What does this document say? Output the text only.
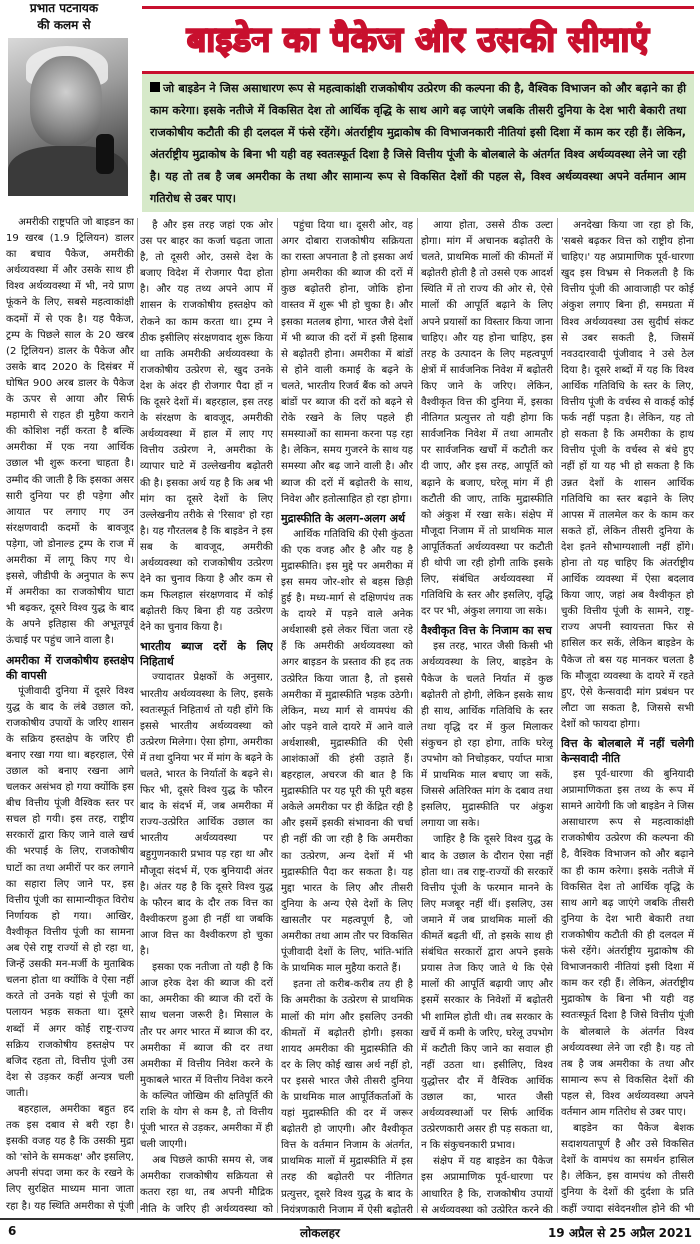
प्रभात पटनायक
की कलम से	बाइडेन का पैकेज और उसकी सीमाएं
जो बाइडेन ने जिस असाधारण रूप से महत्वाकांक्षी राजकोषीय उत्प्रेरण की कल्पना की है, वैश्विक विभाजन को और बढ़ाने का ही काम करेगा। इसके नतीजे में विकसित देश तो आर्थिक वृद्धि के साथ आगे बढ़ जाएंगे जबकि तीसरी दुनिया के देश भारी बेकारी तथा राजकोषीय कटौती की ही दलदल में फंसे रहेंगे। अंतर्राष्ट्रीय मुद्राकोष की विभाजनकारी नीतियां इसी दिशा में काम कर रही हैं। लेकिन, अंतर्राष्ट्रीय मुद्राकोष के बिना भी यही वह स्वतःस्फूर्त दिशा है जिसे वित्तीय पूंजी के बोलबाले के अंतर्गत विश्व अर्थव्यवस्था लेने जा रही है। यह तो तब है जब अमरीका के तथा और सामान्य रूप से विकसित देशों की पहल से, विश्व अर्थव्यवस्था अपने वर्तमान आम गतिरोध से उबर पाए।

अमरीकी राष्ट्रपति जो बाइडन का 19 खरब (1.9 ट्रिलियन) डालर का बचाव पैकेज, अमरीकी अर्थव्यवस्था में और उसके साथ ही विश्व अर्थव्यवस्था में भी, नये प्राण फूंकने के लिए, सबसे महत्वाकांक्षी कदमों में से एक है। यह पैकेज, ट्रम्प के पिछले साल के 20 खरब (2 ट्रिलियन) डालर के पैकेज और उसके बाद 2020 के दिसंबर में घोषित 900 अरब डालर के पैकेज के ऊपर से आया और सिर्फ महामारी से राहत ही मुहैया कराने की कोशिश नहीं करता है बल्कि अमरीका में एक नया आर्थिक उछाल भी शुरू करना चाहता है। उम्मीद की जाती है कि इसका असर सारी दुनिया पर ही पड़ेगा और आयात पर लगाए गए उन संरक्षणवादी कदमों के बावजूद पड़ेगा, जो डोनाल्ड ट्रम्प के राज में अमरीका में लागू किए गए थे। इससे, जीडीपी के अनुपात के रूप में अमरीका का राजकोषीय घाटा भी बढ़कर, दूसरे विश्व युद्ध के बाद के अपने इतिहास की अभूतपूर्व ऊंचाई पर पहुंच जाने वाला है।

अमरीका में राजकोषीय हस्तक्षेप की वापसी

पूंजीवादी दुनिया में दूसरे विश्व युद्ध के बाद के लंबे उछाल को, राजकोषीय उपायों के जरिए शासन के सक्रिय हस्तक्षेप के जरिए ही बनाए रखा गया था। बहरहाल, ऐसे उछाल को बनाए रखना आगे चलकर असंभव हो गया क्योंकि इस बीच वित्तीय पूंजी वैश्विक स्तर पर सचल हो गयी। इस तरह, राष्ट्रीय सरकारों द्वारा किए जाने वाले खर्च की भरपाई के लिए, राजकोषीय घाटों का तथा अमीरों पर कर लगाने का सहारा लिए जाने पर, इस वित्तीय पूंजी का सामान्यीकृत विरोध निर्णायक हो गया। आखिर, वैश्वीकृत वित्तीय पूंजी का सामना अब ऐसे राष्ट्र राज्यों से हो रहा था, जिन्हें उसकी मन-मर्जी के मुताबिक चलना होता था क्योंकि वे ऐसा नहीं करते तो उनके यहां से पूंजी का पलायन भड़क सकता था। दूसरे शब्दों में अगर कोई राष्ट्र-राज्य सक्रिय राजकोषीय हस्तक्षेप पर बजिद रहता तो, वित्तीय पूंजी उस देश से उड़कर कहीं अन्यत्र चली जाती।

बहरहाल, अमरीका बहुत हद तक इस दबाव से बरी रहा है। इसकी वजह यह है कि उसकी मुद्रा को 'सोने के समकक्ष' और इसलिए, अपनी संपदा जमा कर के रखने के लिए सुरक्षित माध्यम माना जाता रहा है। यह स्थिति अमरीका से पूंजी

है और इस तरह जहां एक ओर उस पर बाहर का कर्जा चढ़ता जाता है, तो दूसरी ओर, उससे देश के बजाए विदेश में रोजगार पैदा होता है। और यह तथ्य अपने आप में शासन के राजकोषीय हस्तक्षेप को रोकने का काम करता था। ट्रम्प ने ठीक इसीलिए संरक्षणवाद शुरू किया था ताकि अमरीकी अर्थव्यवस्था के राजकोषीय उत्प्रेरण से, खुद उनके देश के अंदर ही रोजगार पैदा हों न कि दूसरे देशों में। बहरहाल, इस तरह के संरक्षण के बावजूद, अमरीकी अर्थव्यवस्था में हाल में लाए गए वित्तीय उत्प्रेरण ने, अमरीका के व्यापार घाटे में उल्लेखनीय बढ़ोतरी की है। इसका अर्थ यह है कि अब भी मांग का दूसरे देशों के लिए उल्लेखनीय तरीके से 'रिसाव' हो रहा है। यह गौरतलब है कि बाइडेन ने इस सब के बावजूद, अमरीकी अर्थव्यवस्था को राजकोषीय उत्प्रेरण देने का चुनाव किया है और कम से कम फिलहाल संरक्षणवाद में कोई बढ़ोतरी किए बिना ही यह उत्प्रेरण देने का चुनाव किया है।

भारतीय ब्याज दरों के लिए निहितार्थ

ज्यादातर प्रेक्षकों के अनुसार, भारतीय अर्थव्यवस्था के लिए, इसके स्वतःस्फूर्त निहितार्थ तो यही होंगे कि इससे भारतीय अर्थव्यवस्था को उत्प्रेरण मिलेगा। ऐसा होगा, अमरीका में तथा दुनिया भर में मांग के बढ़ने के चलते, भारत के निर्यातों के बढ़ने से। फिर भी, दूसरे विश्व युद्ध के फौरन बाद के संदर्भ में, जब अमरीका में राज्य-उत्प्रेरित आर्थिक उछाल का भारतीय अर्थव्यवस्था पर बहुगुणनकारी प्रभाव पड़ रहा था और मौजूदा संदर्भ में, एक बुनियादी अंतर है। अंतर यह है कि दूसरे विश्व युद्ध के फौरन बाद के दौर तक वित्त का वैश्वीकरण हुआ ही नहीं था जबकि आज वित्त का वैश्वीकरण हो चुका है।

इसका एक नतीजा तो यही है कि आज हरेक देश की ब्याज की दरों का, अमरीका की ब्याज की दरों के साथ चलना जरूरी है। मिसाल के तौर पर अगर भारत में ब्याज की दर, अमरीका में ब्याज की दर तथा अमरीका में वित्तीय निवेश करने के मुकाबले भारत में वित्तीय निवेश करने के कल्पित जोखिम की क्षतिपूर्ति की राशि के योग से कम है, तो वित्तीय पूंजी भारत से उड़कर, अमरीका में ही चली जाएगी।

अब पिछले काफी समय से, जब अमरीका राजकोषीय सक्रियता से कतरा रहा था, तब अपनी मौद्रिक नीति के जरिए ही अर्थव्यवस्था को

पहुंचा दिया था। दूसरी ओर, वह अगर दोबारा राजकोषीय सक्रियता का रास्ता अपनाता है तो इसका अर्थ होगा अमरीका की ब्याज की दरों में कुछ बढ़ोतरी होना, जोकि होना वास्तव में शुरू भी हो चुका है। और इसका मतलब होगा, भारत जैसे देशों में भी ब्याज की दरों में इसी हिसाब से बढ़ोतरी होना। अमरीका में बांडों से होने वाली कमाई के बढ़ने के चलते, भारतीय रिजर्व बैंक को अपने बांडों पर ब्याज की दरों को बढ़ने से रोके रखने के लिए पहले ही समस्याओं का सामना करना पड़ रहा है। लेकिन, समय गुजरने के साथ यह समस्या और बढ़ जाने वाली है। और ब्याज की दरों में बढ़ोतरी के साथ, निवेश और हतोत्साहित हो रहा होगा।

मुद्रास्फीति के अलग-अलग अर्थ

आर्थिक गतिविधि की ऐसी कुंठता की एक वजह और है और यह है मुद्रास्फीति। इस मुद्दे पर अमरीका में इस समय जोर-शोर से बहस छिड़ी हुई है। मध्य-मार्ग से दक्षिणपंथ तक के दायरे में पड़ने वाले अनेक अर्थशास्त्री इसे लेकर चिंता जता रहे हैं कि अमरीकी अर्थव्यवस्था को अगर बाइडन के प्रस्ताव की हद तक उत्प्रेरित किया जाता है, तो इससे अमरीका में मुद्रास्फीति भड़क उठेगी। लेकिन, मध्य मार्ग से वामपंथ की ओर पड़ने वाले दायरे में आने वाले अर्थशास्त्री, मुद्रास्फीति की ऐसी आशंकाओं की हंसी उड़ाते हैं। बहरहाल, अचरज की बात है कि मुद्रास्फीति पर यह पूरी की पूरी बहस अकेले अमरीका पर ही केंद्रित रही है और इसमें इसकी संभावना की चर्चा ही नहीं की जा रही है कि अमरीका का उत्प्रेरण, अन्य देशों में भी मुद्रास्फीति पैदा कर सकता है। यह मुद्दा भारत के लिए और तीसरी दुनिया के अन्य ऐसे देशों के लिए खासतौर पर महत्वपूर्ण है, जो अमरीका तथा आम तौर पर विकसित पूंजीवादी देशों के लिए, भांति-भांति के प्राथमिक माल मुहैया कराते हैं।

इतना तो करीब-करीब तय ही है कि अमरीका के उत्प्रेरण से प्राथमिक मालों की मांग और इसलिए उनकी कीमतों में बढ़ोतरी होगी। इसका शायद अमरीका की मुद्रास्फीति की दर के लिए कोई खास अर्थ नहीं हो, पर इससे भारत जैसे तीसरी दुनिया के प्राथमिक माल आपूर्तिकर्ताओं के यहां मुद्रास्फीति की दर में जरूर बढ़ोतरी हो जाएगी। और वैश्वीकृत वित्त के वर्तमान निजाम के अंतर्गत, प्राथमिक मालों में मुद्रास्फीति में इस तरह की बढ़ोतरी पर नीतिगत प्रत्युत्तर, दूसरे विश्व युद्ध के बाद के नियंत्रणकारी निजाम में ऐसी बढ़ोतरी

आया होता, उससे ठीक उल्टा होगा। मांग में अचानक बढ़ोतरी के चलते, प्राथमिक मालों की कीमतों में बढ़ोतरी होती है तो उससे एक आदर्श स्थिति में तो राज्य की ओर से, ऐसे मालों की आपूर्ति बढ़ाने के लिए अपने प्रयासों का विस्तार किया जाना चाहिए। और यह होना चाहिए, इस तरह के उत्पादन के लिए महत्वपूर्ण क्षेत्रों में सार्वजनिक निवेश में बढ़ोतरी किए जाने के जरिए। लेकिन, वैश्वीकृत वित्त की दुनिया में, इसका नीतिगत प्रत्युत्तर तो यही होगा कि सार्वजनिक निवेश में तथा आमतौर पर सार्वजनिक खर्चों में कटौती कर दी जाए, और इस तरह, आपूर्ति को बढ़ाने के बजाए, घरेलू मांग में ही कटौती की जाए, ताकि मुद्रास्फीति को अंकुश में रखा सके। संक्षेप में मौजूदा निजाम में तो प्राथमिक माल आपूर्तिकर्ता अर्थव्यवस्था पर कटौती ही थोपी जा रही होगी ताकि इसके लिए, संबंधित अर्थव्यवस्था में गतिविधि के स्तर और इसलिए, वृद्धि दर पर भी, अंकुश लगाया जा सके।

वैश्वीकृत वित्त के निजाम का सच

इस तरह, भारत जैसी किसी भी अर्थव्यवस्था के लिए, बाइडेन के पैकेज के चलते निर्यात में कुछ बढ़ोतरी तो होगी, लेकिन इसके साथ ही साथ, आर्थिक गतिविधि के स्तर तथा वृद्धि दर में कुल मिलाकर संकुचन हो रहा होगा, ताकि घरेलू उपभोग को निचोड़कर, पर्याप्त मात्रा में प्राथमिक माल बचाए जा सकें, जिससे अतिरिक्त मांग के दबाव तथा इसलिए, मुद्रास्फीति पर अंकुश लगाया जा सके।

जाहिर है कि दूसरे विश्व युद्ध के बाद के उछाल के दौरान ऐसा नहीं होता था। तब राष्ट्र-राज्यों की सरकारें वित्तीय पूंजी के फरमान मानने के लिए मजबूर नहीं थीं। इसलिए, उस जमाने में जब प्राथमिक मालों की कीमतें बढ़ती थीं, तो इसके साथ ही संबंधित सरकारों द्वारा अपने इसके प्रयास तेज किए जाते थे कि ऐसे मालों की आपूर्ति बढ़ायी जाए और इसमें सरकार के निवेशों में बढ़ोतरी भी शामिल होती थी। तब सरकार के खर्चे में कमी के जरिए, घरेलू उपभोग में कटौती किए जाने का सवाल ही नहीं उठता था। इसीलिए, विश्व युद्धोत्तर दौर में वैश्विक आर्थिक उछाल का, भारत जैसी अर्थव्यवस्थाओं पर सिर्फ आर्थिक उत्प्रेरणकारी असर ही पड़ सकता था, न कि संकुचनकारी प्रभाव।

संक्षेप में यह बाइडेन का पैकेज इस अप्रामाणिक पूर्व-धारणा पर आधारित है कि, राजकोषीय उपायों से अर्थव्यवस्था को उत्प्रेरित करने की

अनदेखा किया जा रहा हो कि, 'सबसे बढ़कर वित्त को राष्ट्रीय होना चाहिए।' यह अप्रामाणिक पूर्व-धारणा खुद इस विभ्रम से निकलती है कि वित्तीय पूंजी की आवाजाही पर कोई अंकुश लगाए बिना ही, समग्रता में विश्व अर्थव्यवस्था उस सुदीर्घ संकट से उबर सकती है, जिसमें नवउदारवादी पूंजीवाद ने उसे ठेल दिया है। दूसरे शब्दों में यह कि विश्व आर्थिक गतिविधि के स्तर के लिए, वित्तीय पूंजी के वर्चस्व से वाकई कोई फर्क नहीं पड़ता है। लेकिन, यह तो हो सकता है कि अमरीका के हाथ वित्तीय पूंजी के वर्चस्व से बंधे हुए नहीं हों या यह भी हो सकता है कि उन्नत देशों के शासन आर्थिक गतिविधि का स्तर बढ़ाने के लिए आपस में तालमेल कर के काम कर सकते हों, लेकिन तीसरी दुनिया के देश इतने सौभाग्यशाली नहीं होंगे। होना तो यह चाहिए कि अंतर्राष्ट्रीय आर्थिक व्यवस्था में ऐसा बदलाव किया जाए, जहां अब वैश्वीकृत हो चुकी वित्तीय पूंजी के सामने, राष्ट्र-राज्य अपनी स्वायत्तता फिर से हासिल कर सकें, लेकिन बाइडेन के पैकेज तो बस यह मानकर चलता है कि मौजूदा व्यवस्था के दायरे में रहते हुए, ऐसे केन्सवादी मांग प्रबंधन पर लौटा जा सकता है, जिससे सभी देशों को फायदा होगा।

वित्त के बोलबाले में नहीं चलेगी केन्सवादी नीति

इस पूर्व-धारणा की बुनियादी अप्रामाणिकता इस तथ्य के रूप में सामने आयेगी कि जो बाइडेन ने जिस असाधारण रूप से महत्वाकांक्षी राजकोषीय उत्प्रेरण की कल्पना की है, वैश्विक विभाजन को और बढ़ाने का ही काम करेगा। इसके नतीजे में विकसित देश तो आर्थिक वृद्धि के साथ आगे बढ़ जाएंगे जबकि तीसरी दुनिया के देश भारी बेकारी तथा राजकोषीय कटौती की ही दलदल में फंसे रहेंगे। अंतर्राष्ट्रीय मुद्राकोष की विभाजनकारी नीतियां इसी दिशा में काम कर रही हैं। लेकिन, अंतर्राष्ट्रीय मुद्राकोष के बिना भी यही वह स्वतःस्फूर्त दिशा है जिसे वित्तीय पूंजी के बोलबाले के अंतर्गत विश्व अर्थव्यवस्था लेने जा रही है। यह तो तब है जब अमरीका के तथा और सामान्य रूप से विकसित देशों की पहल से, विश्व अर्थव्यवस्था अपने वर्तमान आम गतिरोध से उबर पाए।

बाइडेन का पैकेज बेशक सदाशयतापूर्ण है और उसे विकसित देशों के वामपंथ का समर्थन हासिल है। लेकिन, इस वामपंथ को तीसरी दुनिया के देशों की दुर्दशा के प्रति कहीं ज्यादा संवेदनशील होने की भी

6	लोकलहर	19 अप्रैल से 25 अप्रैल 2021
